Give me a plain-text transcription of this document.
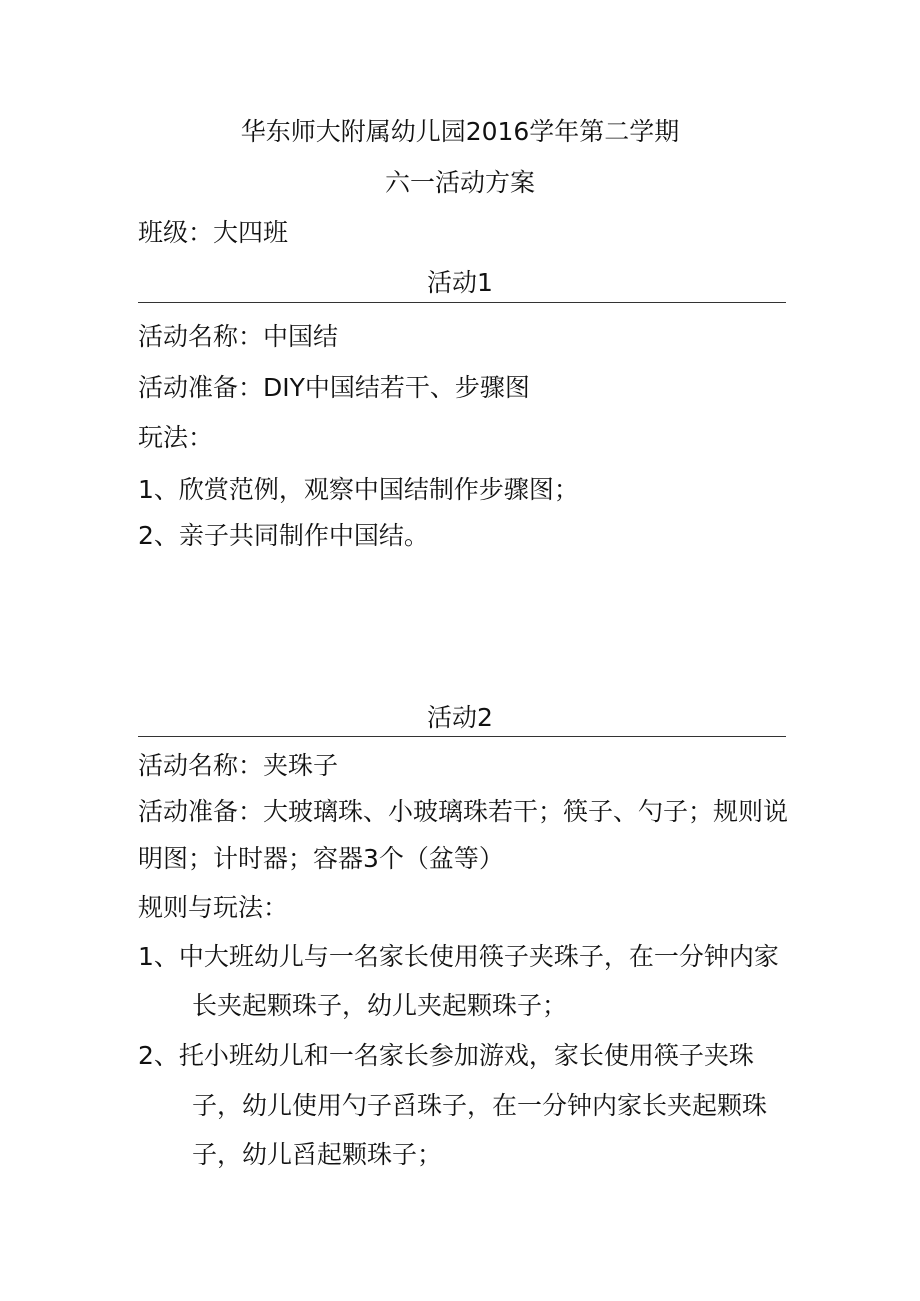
华东师大附属幼儿园2016学年第二学期

六一活动方案

班级：大四班

活动1

活动名称：中国结

活动准备：DIY中国结若干、步骤图

玩法：

1、欣赏范例，观察中国结制作步骤图；

2、亲子共同制作中国结。

活动2

活动名称：夹珠子

活动准备：大玻璃珠、小玻璃珠若干；筷子、勺子；规则说

明图；计时器；容器3个（盆等）

规则与玩法：

1、中大班幼儿与一名家长使用筷子夹珠子，在一分钟内家

长夹起颗珠子，幼儿夹起颗珠子；

2、托小班幼儿和一名家长参加游戏，家长使用筷子夹珠

子，幼儿使用勺子舀珠子，在一分钟内家长夹起颗珠

子，幼儿舀起颗珠子；
